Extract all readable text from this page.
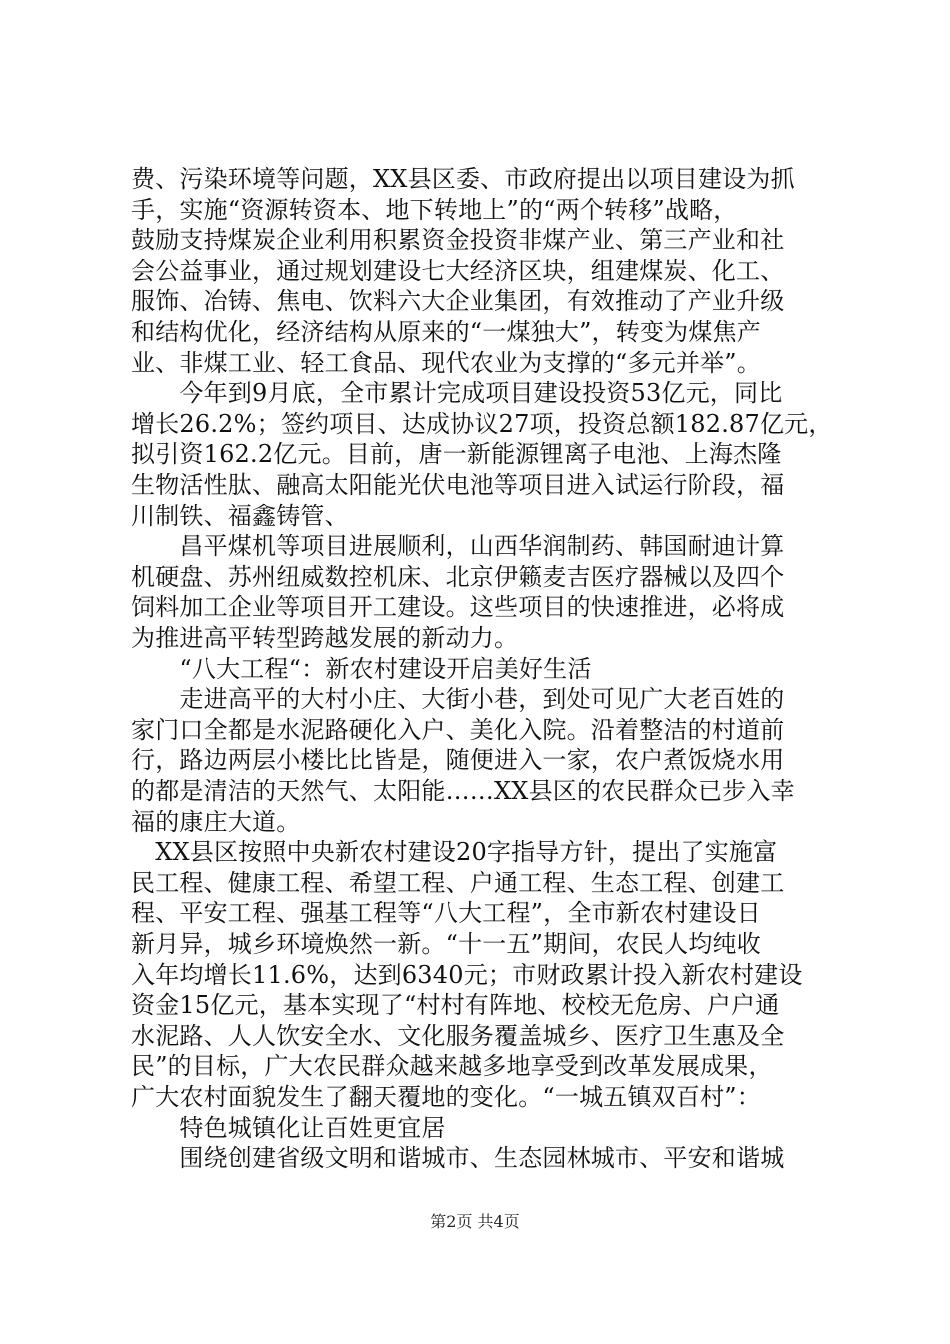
费、污染环境等问题，XX县区委、市政府提出以项目建设为抓
手，实施“资源转资本、地下转地上”的“两个转移”战略，
鼓励支持煤炭企业利用积累资金投资非煤产业、第三产业和社
会公益事业，通过规划建设七大经济区块，组建煤炭、化工、
服饰、冶铸、焦电、饮料六大企业集团，有效推动了产业升级
和结构优化，经济结构从原来的“一煤独大”，转变为煤焦产
业、非煤工业、轻工食品、现代农业为支撑的“多元并举”。
　　今年到9月底，全市累计完成项目建设投资53亿元，同比
增长26.2%；签约项目、达成协议27项，投资总额182.87亿元，
拟引资162.2亿元。目前，唐一新能源锂离子电池、上海杰隆
生物活性肽、融高太阳能光伏电池等项目进入试运行阶段，福
川制铁、福鑫铸管、
　　昌平煤机等项目进展顺利，山西华润制药、韩国耐迪计算
机硬盘、苏州纽威数控机床、北京伊籁麦吉医疗器械以及四个
饲料加工企业等项目开工建设。这些项目的快速推进，必将成
为推进高平转型跨越发展的新动力。
　　“八大工程“：新农村建设开启美好生活
　　走进高平的大村小庄、大街小巷，到处可见广大老百姓的
家门口全都是水泥路硬化入户、美化入院。沿着整洁的村道前
行，路边两层小楼比比皆是，随便进入一家，农户煮饭烧水用
的都是清洁的天然气、太阳能……XX县区的农民群众已步入幸
福的康庄大道。
　XX县区按照中央新农村建设20字指导方针，提出了实施富
民工程、健康工程、希望工程、户通工程、生态工程、创建工
程、平安工程、强基工程等“八大工程”，全市新农村建设日
新月异，城乡环境焕然一新。“十一五”期间，农民人均纯收
入年均增长11.6%，达到6340元；市财政累计投入新农村建设
资金15亿元，基本实现了“村村有阵地、校校无危房、户户通
水泥路、人人饮安全水、文化服务覆盖城乡、医疗卫生惠及全
民”的目标，广大农民群众越来越多地享受到改革发展成果，
广大农村面貌发生了翻天覆地的变化。“一城五镇双百村”：
　　特色城镇化让百姓更宜居
　　围绕创建省级文明和谐城市、生态园林城市、平安和谐城
第2页 共4页
